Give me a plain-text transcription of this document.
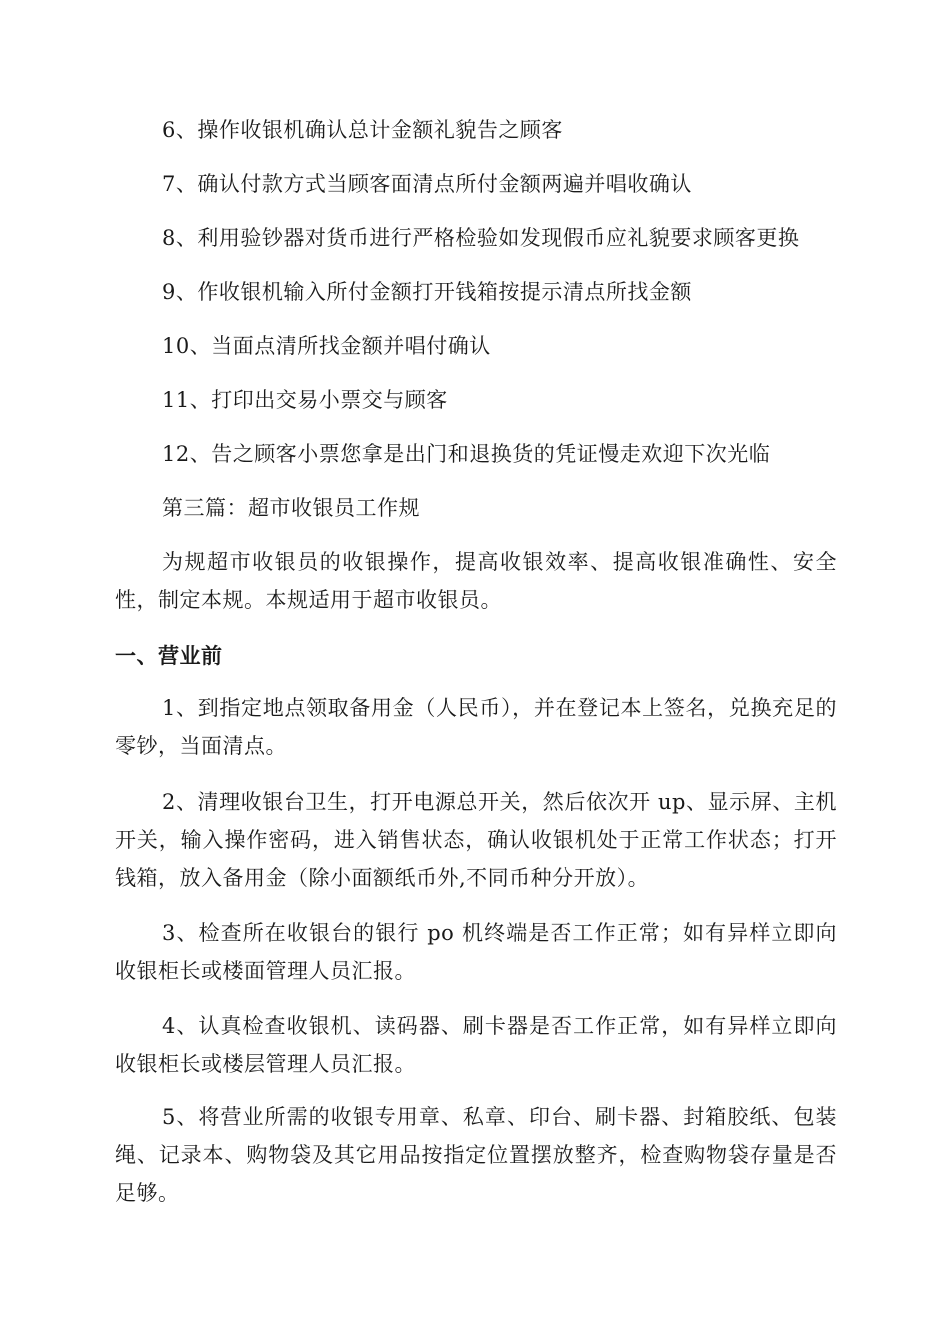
6、操作收银机确认总计金额礼貌告之顾客
7、确认付款方式当顾客面清点所付金额两遍并唱收确认
8、利用验钞器对货币进行严格检验如发现假币应礼貌要求顾客更换
9、作收银机输入所付金额打开钱箱按提示清点所找金额
10、当面点清所找金额并唱付确认
11、打印出交易小票交与顾客
12、告之顾客小票您拿是出门和退换货的凭证慢走欢迎下次光临
第三篇：超市收银员工作规
为规超市收银员的收银操作，提高收银效率、提高收银准确性、安全性，制定本规。本规适用于超市收银员。
一、营业前
1、到指定地点领取备用金（人民币），并在登记本上签名，兑换充足的零钞，当面清点。
2、清理收银台卫生，打开电源总开关，然后依次开 up、显示屏、主机开关，输入操作密码，进入销售状态，确认收银机处于正常工作状态；打开钱箱，放入备用金（除小面额纸币外,不同币种分开放）。
3、检查所在收银台的银行 po 机终端是否工作正常；如有异样立即向收银柜长或楼面管理人员汇报。
4、认真检查收银机、读码器、刷卡器是否工作正常，如有异样立即向收银柜长或楼层管理人员汇报。
5、将营业所需的收银专用章、私章、印台、刷卡器、封箱胶纸、包装绳、记录本、购物袋及其它用品按指定位置摆放整齐，检查购物袋存量是否足够。
